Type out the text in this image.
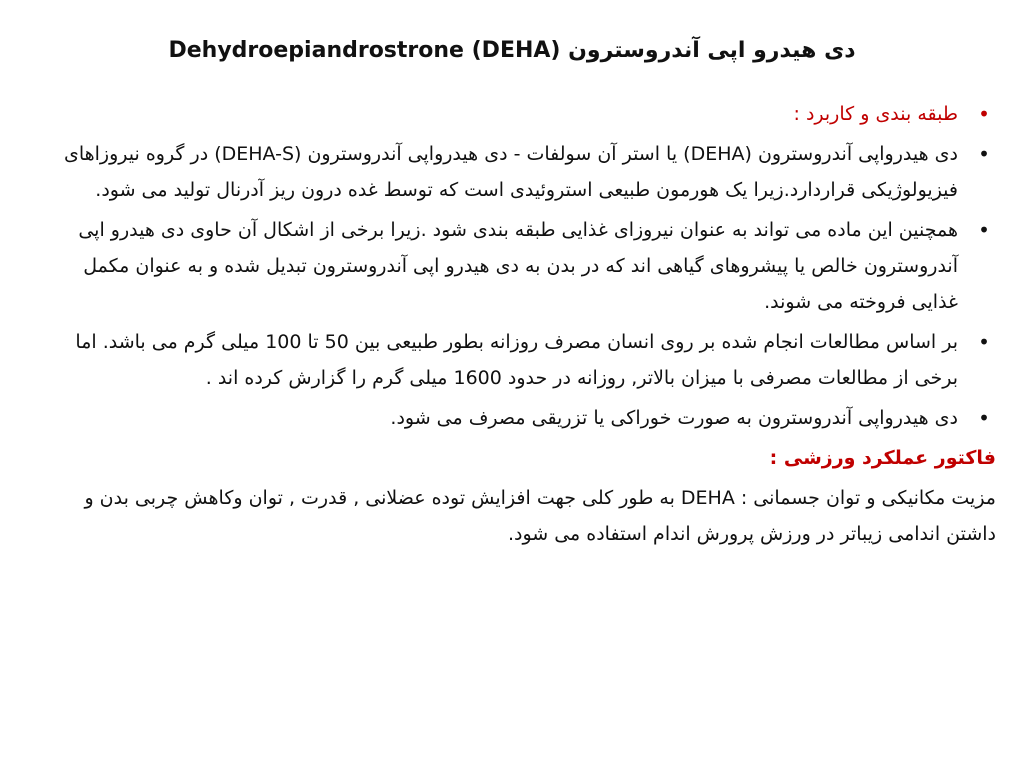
Dehydroepiandrostrone (DEHA) دی هیدرو اپی آندروسترون
•
طبقه بندی و کاربرد :
•
دی هیدرواپی آندروسترون (DEHA) یا استر آن سولفات - دی هیدرواپی آندروسترون (DEHA-S) در گروه نیروزاهای فیزیولوژیکی قراردارد.زیرا یک هورمون طبیعی استروئیدی است که توسط غده درون ریز آدرنال تولید می شود.
•
همچنین این ماده می تواند به عنوان نیروزای غذایی طبقه بندی شود .زیرا برخی از اشکال آن حاوی دی هیدرو اپی آندروسترون خالص یا پیشروهای گیاهی اند که در بدن به دی هیدرو اپی آندروسترون تبدیل شده و به عنوان مکمل غذایی فروخته می شوند.
•
بر اساس مطالعات انجام شده بر روی انسان مصرف روزانه بطور طبیعی بین 50 تا 100 میلی گرم می باشد. اما برخی از مطالعات مصرفی با میزان بالاتر, روزانه در حدود 1600 میلی گرم را گزارش کرده اند .
•
دی هیدرواپی آندروسترون به صورت خوراکی یا تزریقی مصرف می شود.
فاکتور عملکرد ورزشی :

مزیت مکانیکی و توان جسمانی : DEHA به طور کلی جهت افزایش توده عضلانی , قدرت , توان وکاهش چربی بدن و داشتن اندامی زیباتر در ورزش پرورش اندام استفاده می شود.
